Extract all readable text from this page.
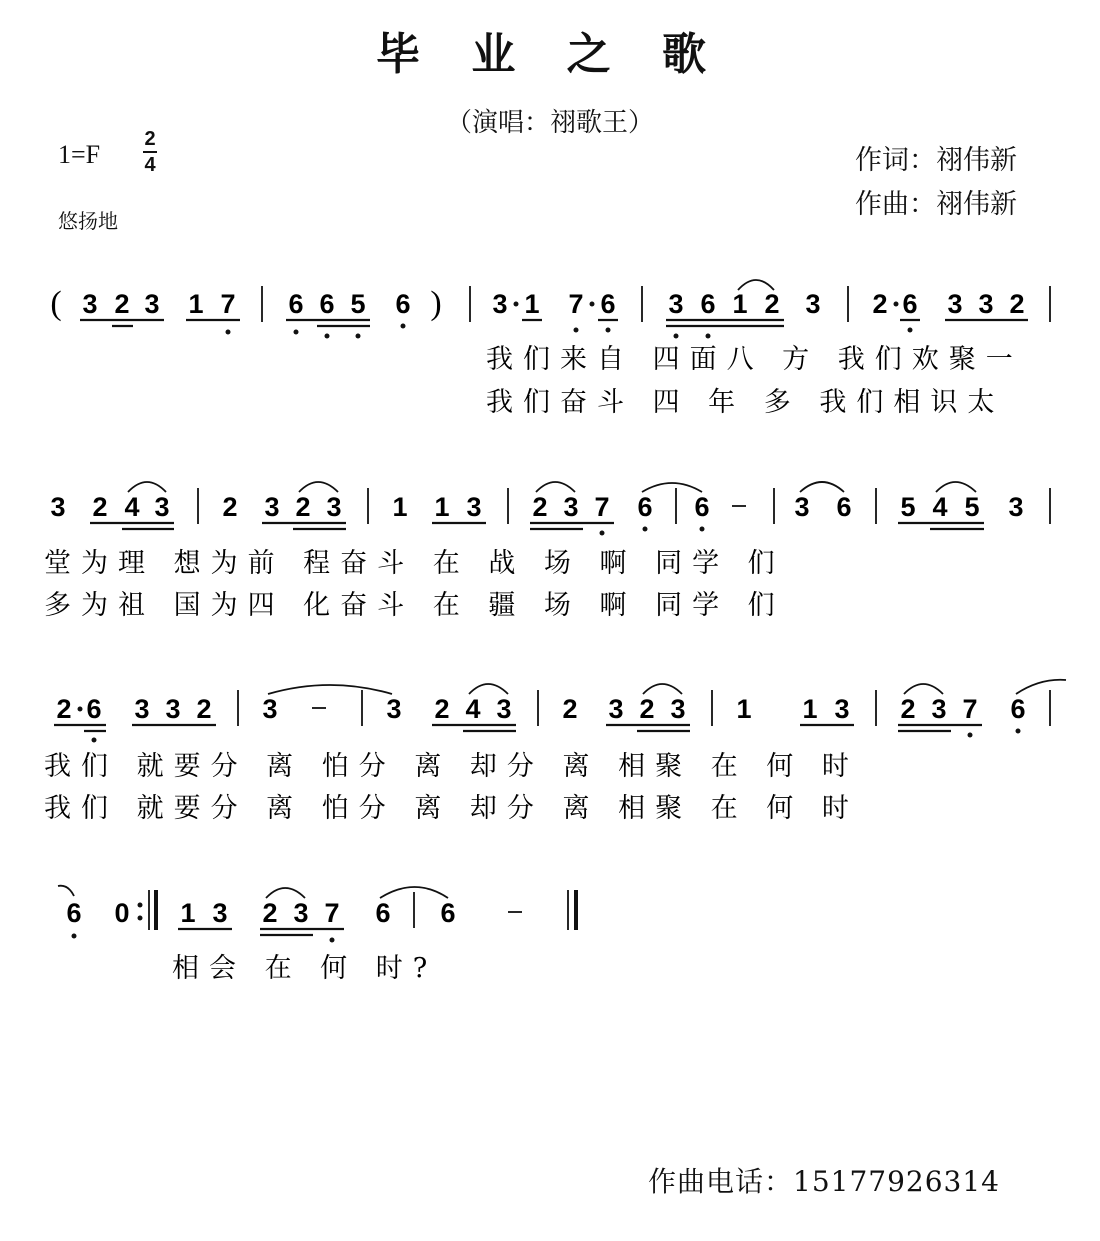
毕 业 之 歌
（演唱：祤歌王）
1=F
2
4
悠扬地
作词：祤伟新
作曲：祤伟新
( 3 2 3 1 7 6 6 5 6 ) 3 1 7 6 3 6 1 2 3 2 6 3 3 2
我们来自 四面八 方 我们欢聚一
我们奋斗 四 年 多 我们相识太
3 2 4 3 2 3 2 3 1 1 3 2 3 7 6 6	3 6 5 4 5 3
堂为理 想为前 程奋斗 在 战 场 啊 同学 们
多为祖 国为四 化奋斗 在 疆 场 啊 同学 们
2 6 3 3 2 3	3 2 4 3 2 3 2 3 1 1 3 2 3 7 6
我们 就要分 离 怕分 离 却分 离 相聚 在 何 时
我们 就要分 离 怕分 离 却分 离 相聚 在 何 时
6 0 1 3 2 3 7 6 6
相会 在 何 时?
作曲电话：15177926314
